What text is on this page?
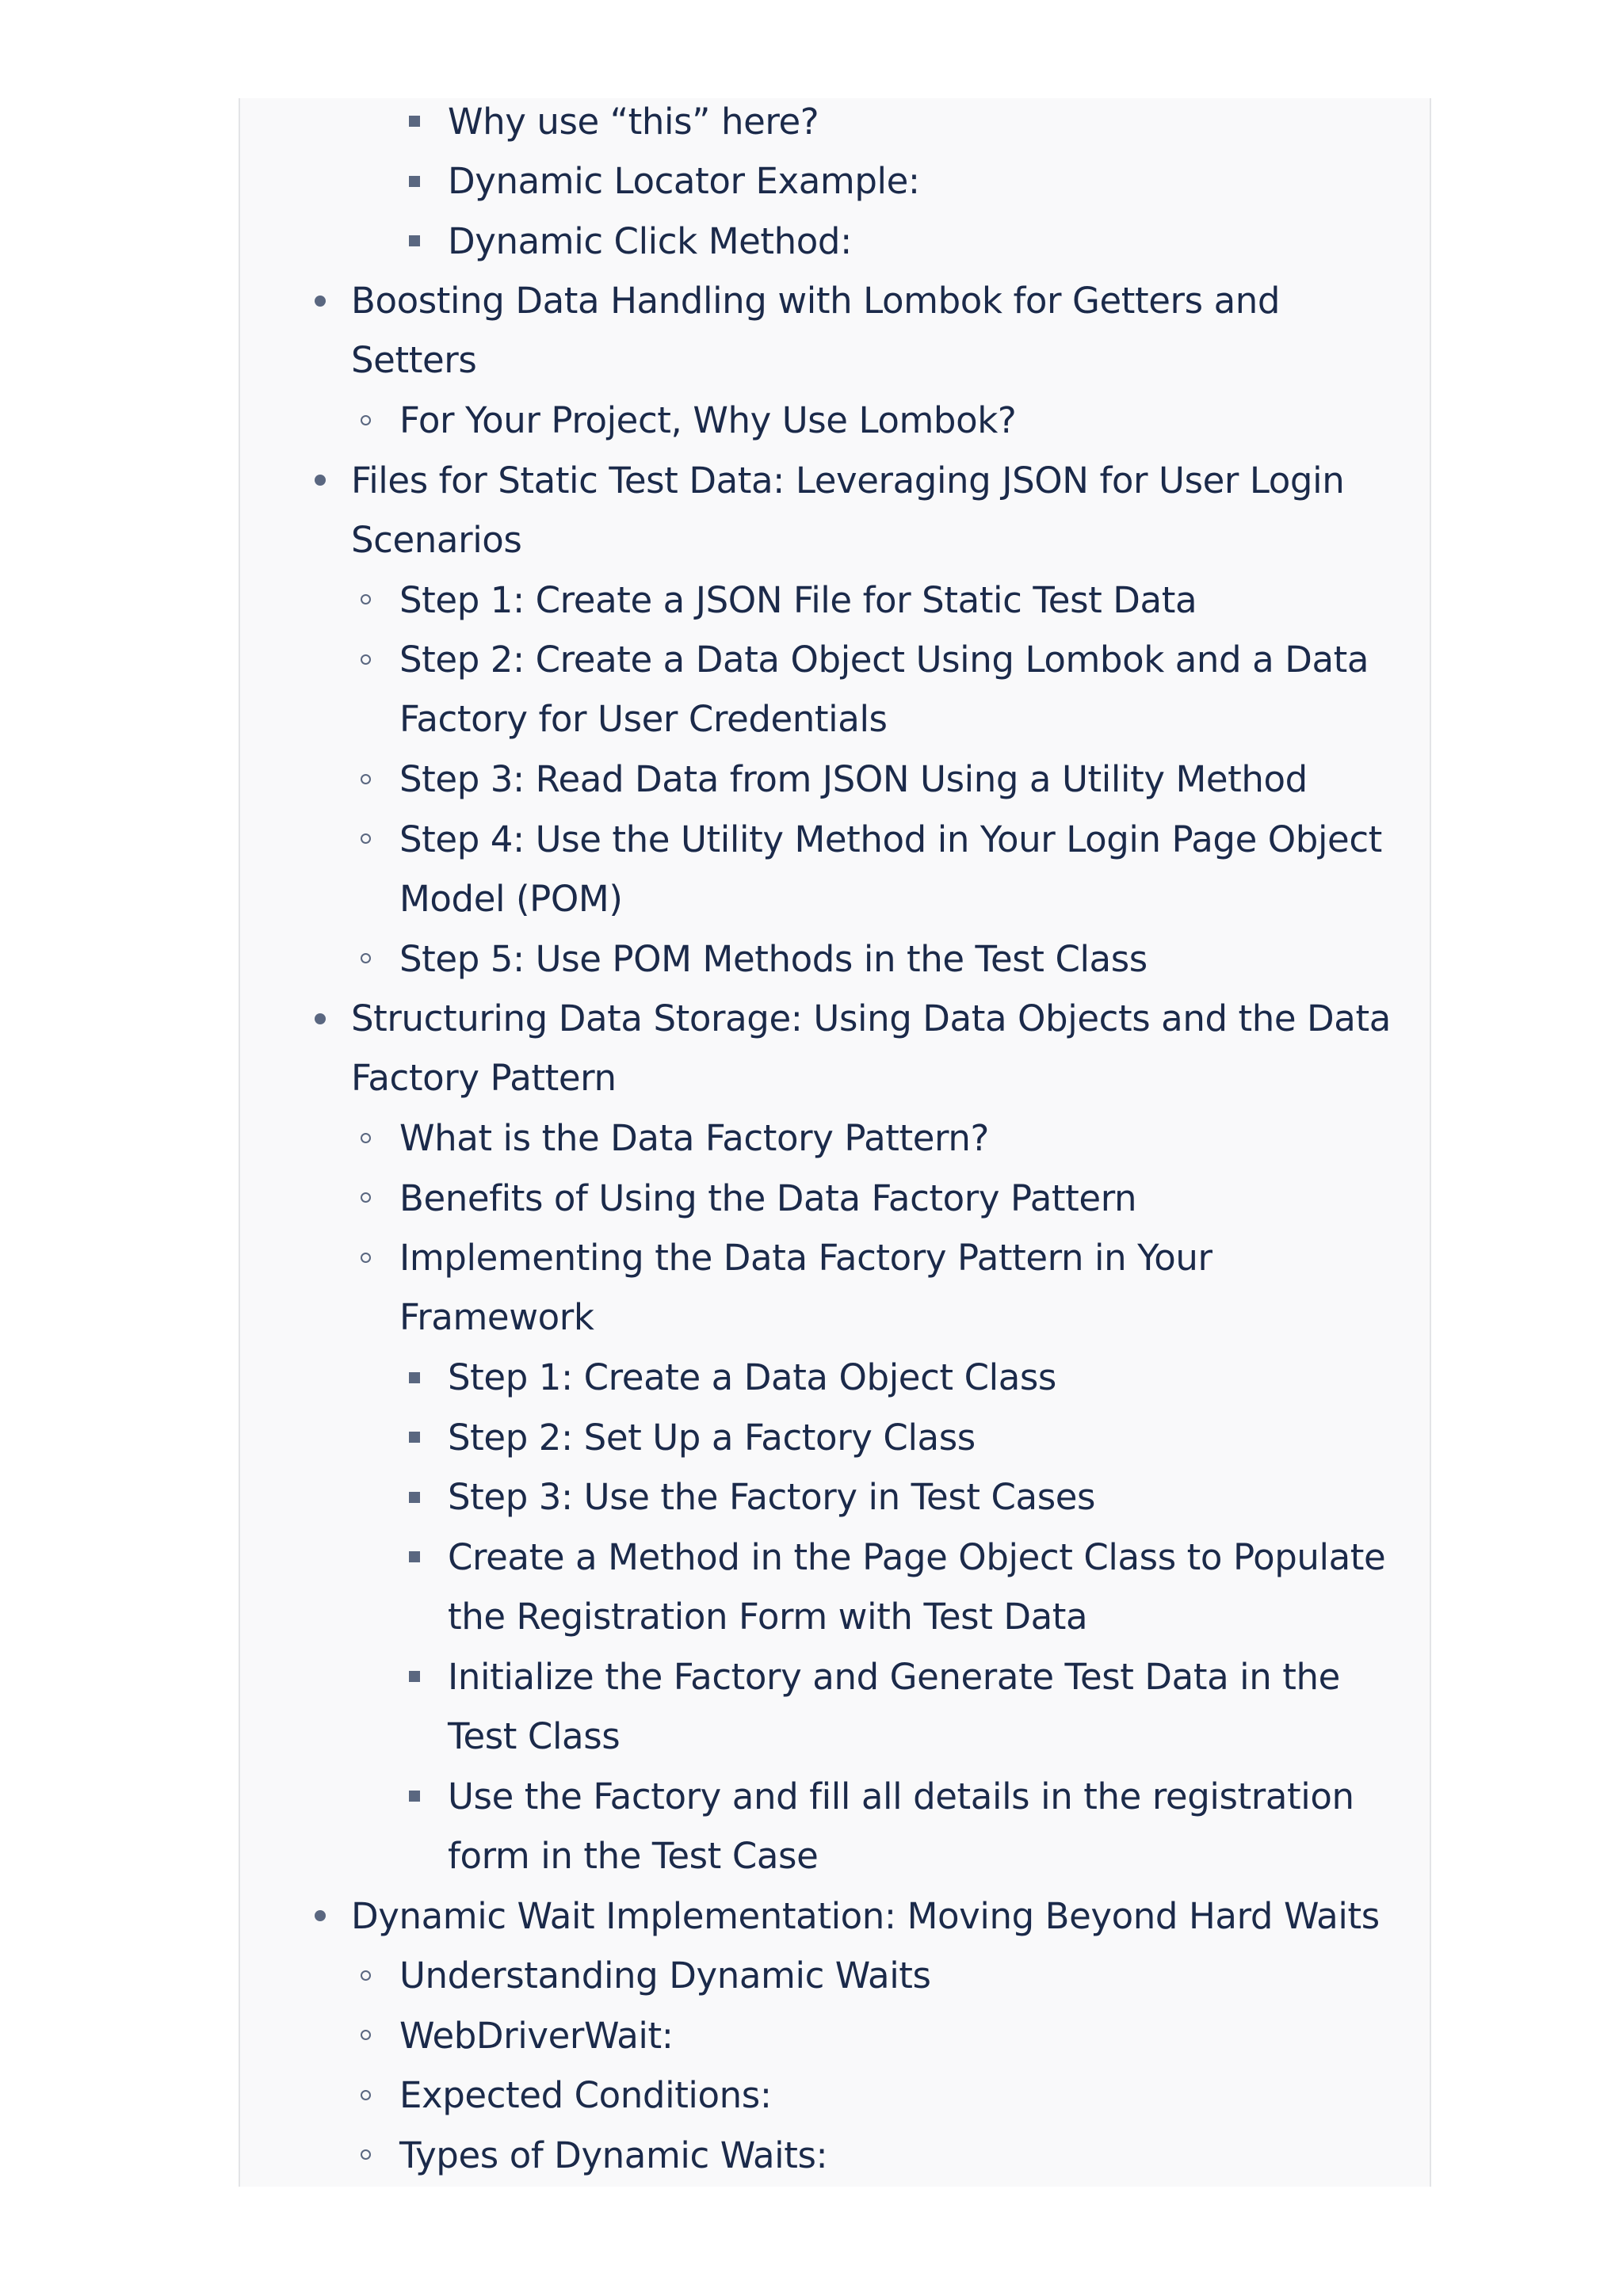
Why use “this” here?
Dynamic Locator Example:
Dynamic Click Method:
Boosting Data Handling with Lombok for Getters and
Setters
For Your Project, Why Use Lombok?
Files for Static Test Data: Leveraging JSON for User Login
Scenarios
Step 1: Create a JSON File for Static Test Data
Step 2: Create a Data Object Using Lombok and a Data
Factory for User Credentials
Step 3: Read Data from JSON Using a Utility Method
Step 4: Use the Utility Method in Your Login Page Object
Model (POM)
Step 5: Use POM Methods in the Test Class
Structuring Data Storage: Using Data Objects and the Data
Factory Pattern
What is the Data Factory Pattern?
Benefits of Using the Data Factory Pattern
Implementing the Data Factory Pattern in Your
Framework
Step 1: Create a Data Object Class
Step 2: Set Up a Factory Class
Step 3: Use the Factory in Test Cases
Create a Method in the Page Object Class to Populate
the Registration Form with Test Data
Initialize the Factory and Generate Test Data in the
Test Class
Use the Factory and fill all details in the registration
form in the Test Case
Dynamic Wait Implementation: Moving Beyond Hard Waits
Understanding Dynamic Waits
WebDriverWait:
Expected Conditions:
Types of Dynamic Waits:
